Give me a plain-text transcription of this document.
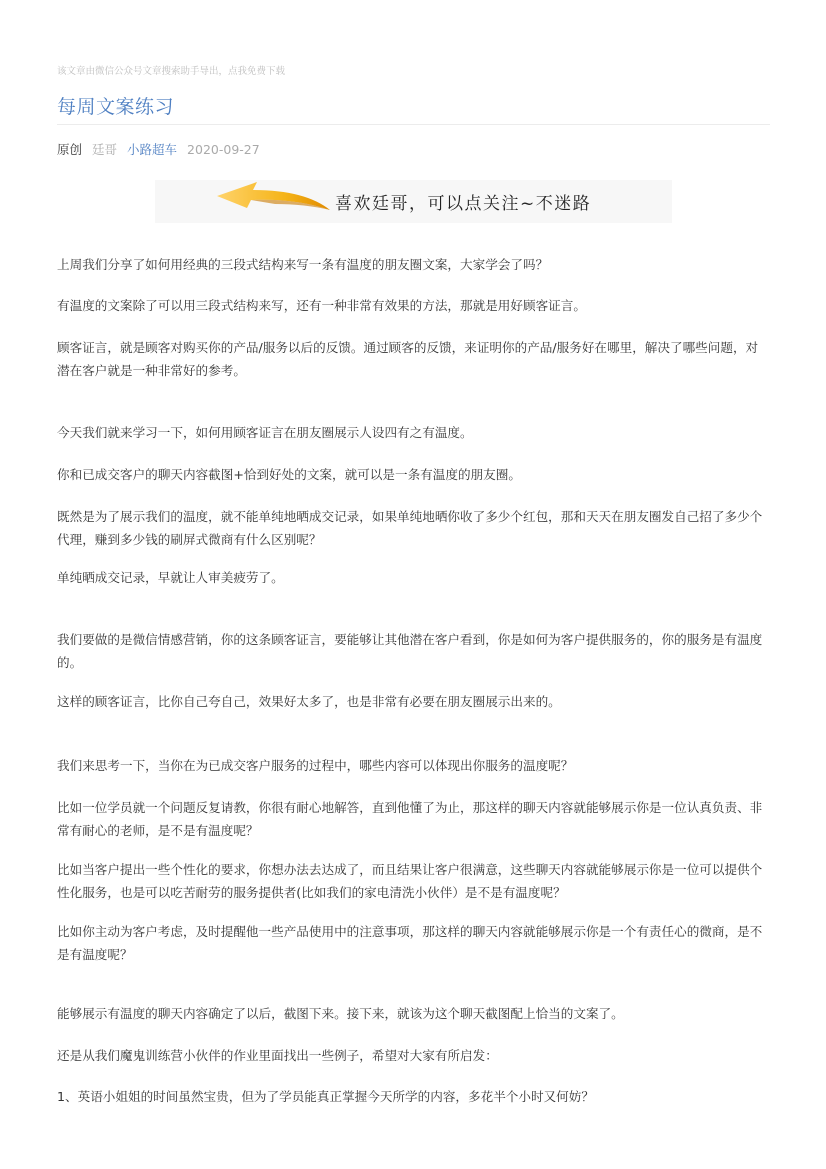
该文章由微信公众号文章搜索助手导出，点我免费下载
每周文案练习
原创 廷哥 小路超车 2020-09-27
喜欢廷哥，可以点关注~不迷路

上周我们分享了如何用经典的三段式结构来写一条有温度的朋友圈文案，大家学会了吗？

有温度的文案除了可以用三段式结构来写，还有一种非常有效果的方法，那就是用好顾客证言。

顾客证言，就是顾客对购买你的产品/服务以后的反馈。通过顾客的反馈，来证明你的产品/服务好在哪里，解决了哪些问题，对潜在客户就是一种非常好的参考。

今天我们就来学习一下，如何用顾客证言在朋友圈展示人设四有之有温度。

你和已成交客户的聊天内容截图+恰到好处的文案，就可以是一条有温度的朋友圈。

既然是为了展示我们的温度，就不能单纯地晒成交记录，如果单纯地晒你收了多少个红包，那和天天在朋友圈发自己招了多少个代理，赚到多少钱的刷屏式微商有什么区别呢？

单纯晒成交记录，早就让人审美疲劳了。

我们要做的是微信情感营销，你的这条顾客证言，要能够让其他潜在客户看到，你是如何为客户提供服务的，你的服务是有温度的。

这样的顾客证言，比你自己夸自己，效果好太多了，也是非常有必要在朋友圈展示出来的。

我们来思考一下，当你在为已成交客户服务的过程中，哪些内容可以体现出你服务的温度呢？

比如一位学员就一个问题反复请教，你很有耐心地解答，直到他懂了为止，那这样的聊天内容就能够展示你是一位认真负责、非常有耐心的老师，是不是有温度呢？

比如当客户提出一些个性化的要求，你想办法去达成了，而且结果让客户很满意，这些聊天内容就能够展示你是一位可以提供个性化服务，也是可以吃苦耐劳的服务提供者(比如我们的家电清洗小伙伴）是不是有温度呢？

比如你主动为客户考虑，及时提醒他一些产品使用中的注意事项，那这样的聊天内容就能够展示你是一个有责任心的微商，是不是有温度呢？

能够展示有温度的聊天内容确定了以后，截图下来。接下来，就该为这个聊天截图配上恰当的文案了。

还是从我们魔鬼训练营小伙伴的作业里面找出一些例子，希望对大家有所启发：

1、英语小姐姐的时间虽然宝贵，但为了学员能真正掌握今天所学的内容，多花半个小时又何妨？
